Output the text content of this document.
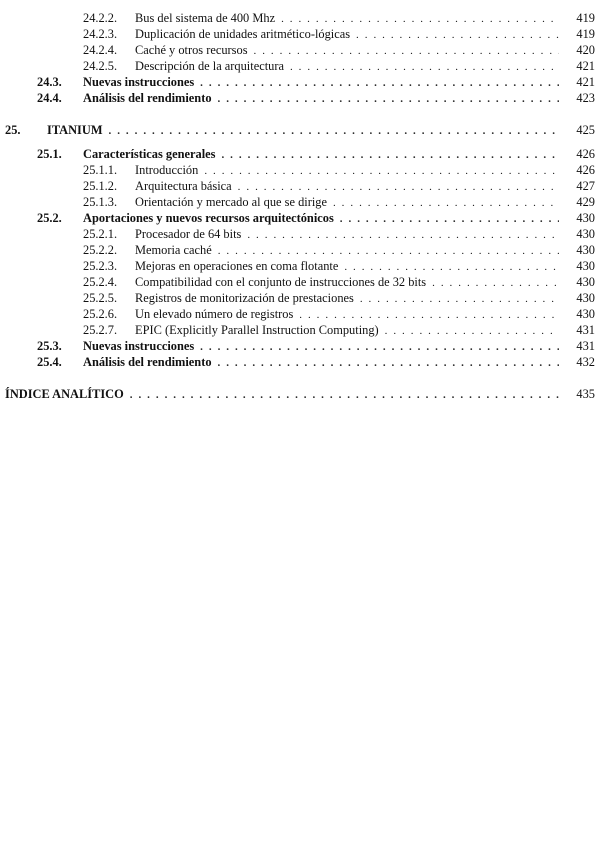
24.2.2.	Bus del sistema de 400 Mhz . . .	419
24.2.3.	Duplicación de unidades aritmético-lógicas . . .	419
24.2.4.	Caché y otros recursos . . .	420
24.2.5.	Descripción de la arquitectura . . .	421
24.3.	Nuevas instrucciones . . .	421
24.4.	Análisis del rendimiento . . .	423
25.	ITANIUM . . .	425
25.1.	Características generales . . .	426
25.1.1.	Introducción . . .	426
25.1.2.	Arquitectura básica . . .	427
25.1.3.	Orientación y mercado al que se dirige . . .	429
25.2.	Aportaciones y nuevos recursos arquitectónicos . . .	430
25.2.1.	Procesador de 64 bits . . .	430
25.2.2.	Memoria caché . . .	430
25.2.3.	Mejoras en operaciones en coma flotante . . .	430
25.2.4.	Compatibilidad con el conjunto de instrucciones de 32 bits . . .	430
25.2.5.	Registros de monitorización de prestaciones . . .	430
25.2.6.	Un elevado número de registros . . .	430
25.2.7.	EPIC (Explicitly Parallel Instruction Computing) . . .	431
25.3.	Nuevas instrucciones . . .	431
25.4.	Análisis del rendimiento . . .	432
ÍNDICE ANALÍTICO . . .	435
